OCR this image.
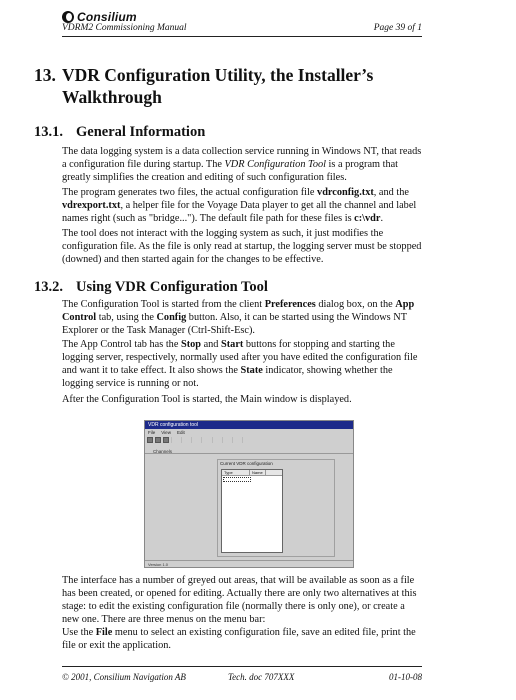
Consilium
VDRM2 Commissioning Manual	Page 39 of 1
13. VDR Configuration Utility, the Installer’s
Walkthrough
13.1. General Information

The data logging system is a data collection service running in Windows NT, that reads a configuration file during startup. The VDR Configuration Tool is a program that greatly simplifies the creation and editing of such configuration files.

The program generates two files, the actual configuration file vdrconfig.txt, and the vdrexport.txt, a helper file for the Voyage Data player to get all the channel and label names right (such as "bridge..."). The default file path for these files is c:\vdr.

The tool does not interact with the logging system as such, it just modifies the configuration file. As the file is only read at startup, the logging server must be stopped (downed) and then started again for the changes to be effective.

13.2. Using VDR Configuration Tool

The Configuration Tool is started from the client Preferences dialog box, on the App Control tab, using the Config button. Also, it can be started using the Windows NT Explorer or the Task Manager (Ctrl-Shift-Esc).

The App Control tab has the Stop and Start buttons for stopping and starting the logging server, respectively, normally used after you have edited the configuration file and want it to take effect. It also shows the State indicator, showing whether the logging service is running or not.

After the Configuration Tool is started, the Main window is displayed.

VDR configuration tool
File View Edit

Channels

Current VDR configuration
Type	Name
Version 1.0

The interface has a number of greyed out areas, that will be available as soon as a file has been created, or opened for editing. Actually there are only two alternatives at this stage: to edit the existing configuration file (normally there is only one), or create a new one. There are three menus on the menu bar:

Use the File menu to select an existing configuration file, save an edited file, print the file or exit the application.

© 2001, Consilium Navigation AB	Tech. doc 707XXX	01-10-08
